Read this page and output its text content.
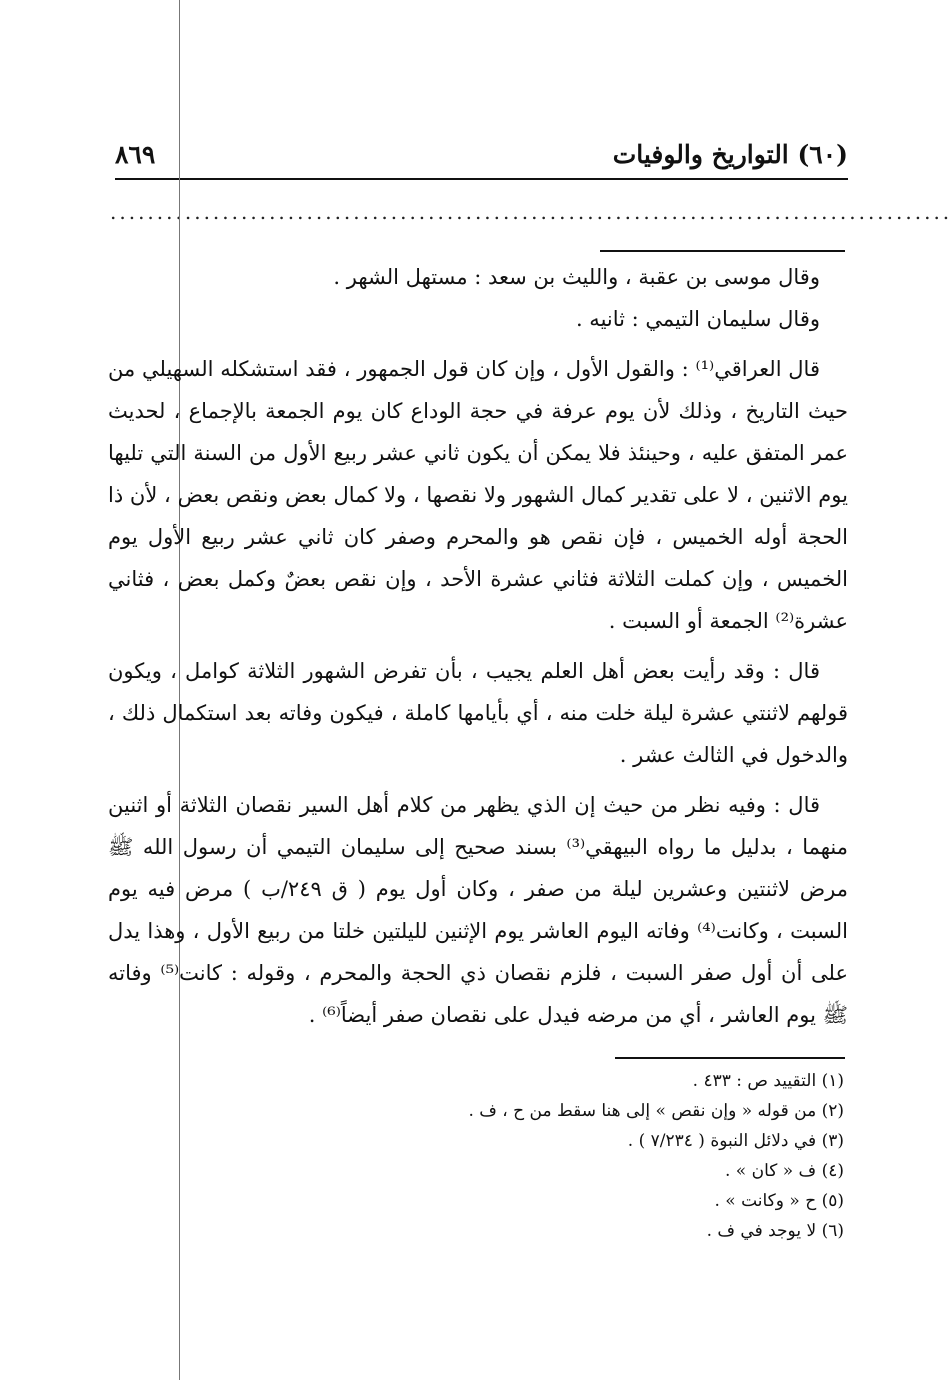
(٦٠) التواريخ والوفيات
٨٦٩
..........................................................................................

وقال موسى بن عقبة ، والليث بن سعد : مستهل الشهر .

وقال سليمان التيمي : ثانيه .

قال العراقي⁽¹⁾ : والقول الأول ، وإن كان قول الجمهور ، فقد استشكله السهيلي من حيث التاريخ ، وذلك لأن يوم عرفة في حجة الوداع كان يوم الجمعة بالإجماع ، لحديث عمر المتفق عليه ، وحينئذ فلا يمكن أن يكون ثاني عشر ربيع الأول من السنة التي تليها يوم الاثنين ، لا على تقدير كمال الشهور ولا نقصها ، ولا كمال بعض ونقص بعض ، لأن ذا الحجة أوله الخميس ، فإن نقص هو والمحرم وصفر كان ثاني عشر ربيع الأول يوم الخميس ، وإن كملت الثلاثة فثاني عشرة الأحد ، وإن نقص بعضٌ وكمل بعض ، فثاني عشرة⁽²⁾ الجمعة أو السبت .

قال : وقد رأيت بعض أهل العلم يجيب ، بأن تفرض الشهور الثلاثة كوامل ، ويكون قولهم لاثنتي عشرة ليلة خلت منه ، أي بأيامها كاملة ، فيكون وفاته بعد استكمال ذلك ، والدخول في الثالث عشر .

قال : وفيه نظر من حيث إن الذي يظهر من كلام أهل السير نقصان الثلاثة أو اثنين منهما ، بدليل ما رواه البيهقي⁽³⁾ بسند صحيح إلى سليمان التيمي أن رسول الله ﷺ مرض لاثنتين وعشرين ليلة من صفر ، وكان أول يوم ( ق ٢٤٩/ب ) مرض فيه يوم السبت ، وكانت⁽⁴⁾ وفاته اليوم العاشر يوم الإثنين لليلتين خلتا من ربيع الأول ، وهذا يدل على أن أول صفر السبت ، فلزم نقصان ذي الحجة والمحرم ، وقوله : كانت⁽⁵⁾ وفاته ﷺ يوم العاشر ، أي من مرضه فيدل على نقصان صفر أيضاً⁽⁶⁾ .

(١) التقييد ص : ٤٣٣ .
(٢) من قوله « وإن نقص » إلى هنا سقط من ح ، ف .
(٣) في دلائل النبوة ( ٧/٢٣٤ ) .
(٤) ف « كان » .
(٥) ح « وكانت » .
(٦) لا يوجد في ف .
